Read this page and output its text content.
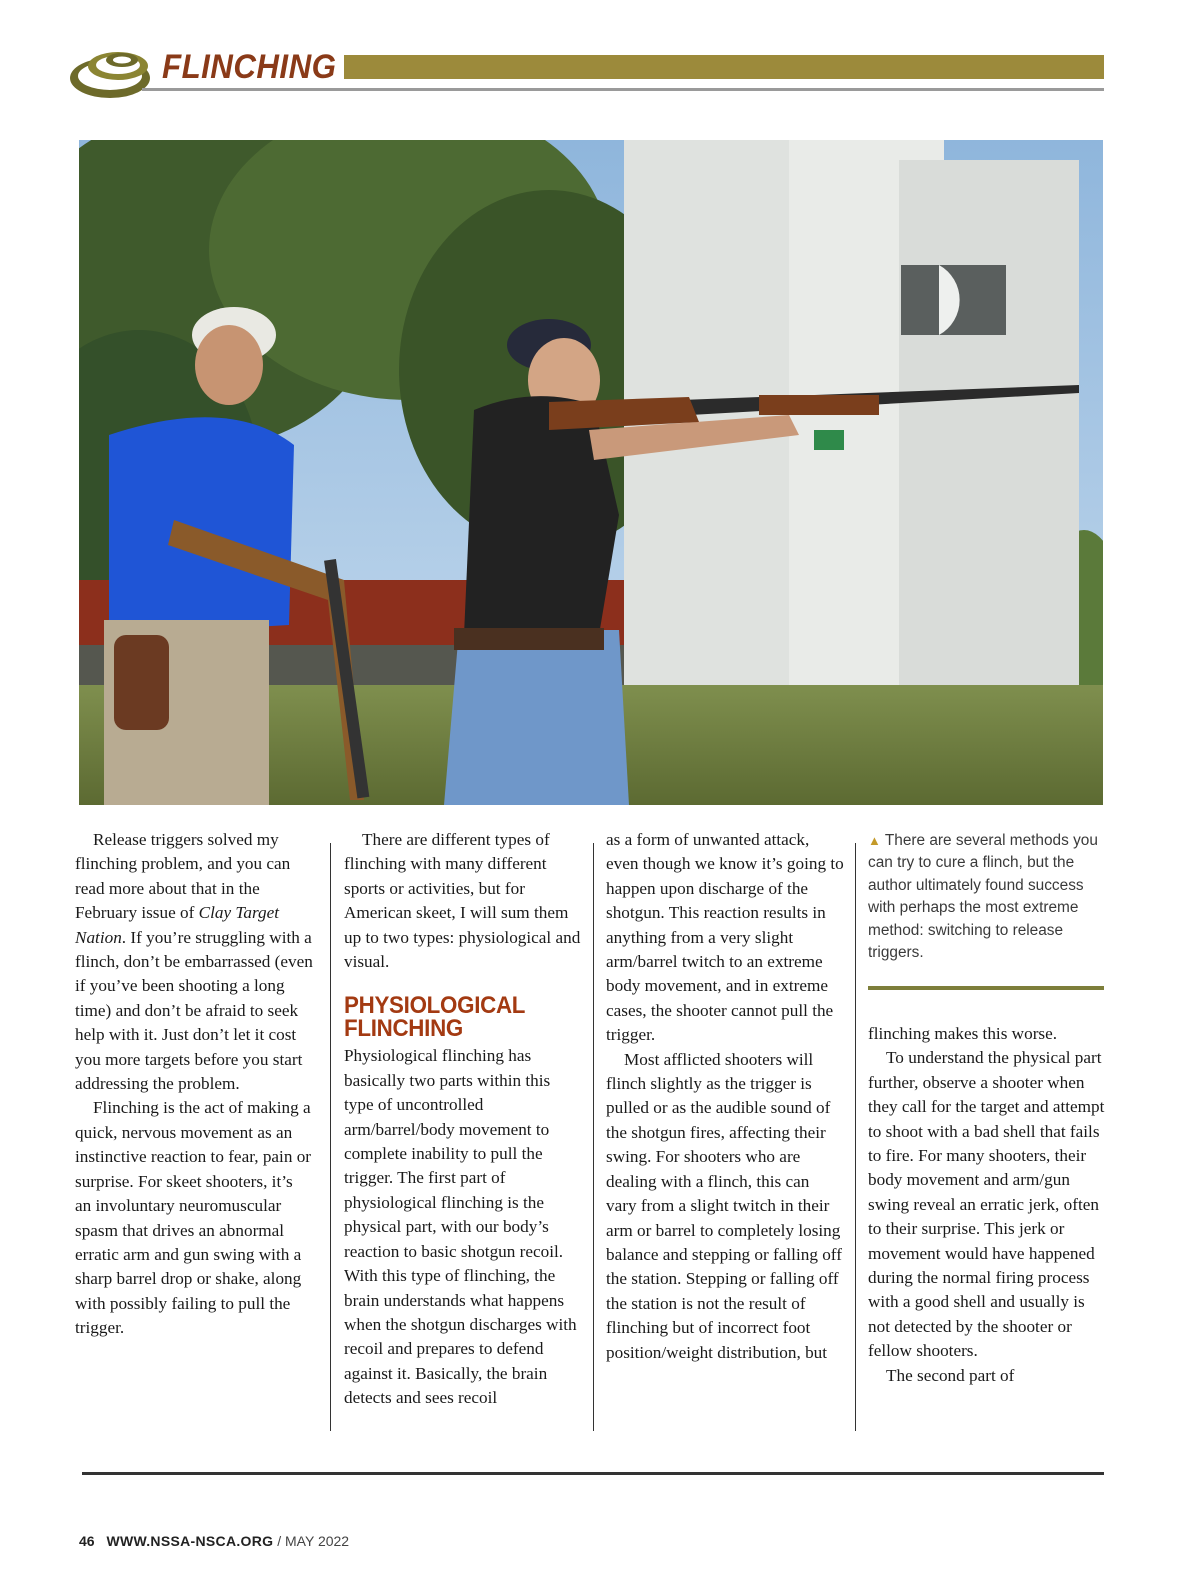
FLINCHING

Release triggers solved my flinching problem, and you can read more about that in the February issue of Clay Target Nation. If you’re struggling with a flinch, don’t be embarrassed (even if you’ve been shooting a long time) and don’t be afraid to seek help with it. Just don’t let it cost you more targets before you start addressing the problem.

Flinching is the act of making a quick, nervous movement as an instinctive reaction to fear, pain or surprise. For skeet shooters, it’s an involuntary neuromuscular spasm that drives an abnormal erratic arm and gun swing with a sharp barrel drop or shake, along with possibly failing to pull the trigger.

There are different types of flinching with many different sports or activities, but for American skeet, I will sum them up to two types: physiological and visual.

PHYSIOLOGICAL FLINCHING

Physiological flinching has basically two parts within this type of uncontrolled arm/barrel/body movement to complete inability to pull the trigger. The first part of physiological flinching is the physical part, with our body’s reaction to basic shotgun recoil. With this type of flinching, the brain understands what happens when the shotgun discharges with recoil and prepares to defend against it. Basically, the brain detects and sees recoil

as a form of unwanted attack, even though we know it’s going to happen upon discharge of the shotgun. This reaction results in anything from a very slight arm/barrel twitch to an extreme body movement, and in extreme cases, the shooter cannot pull the trigger.

Most afflicted shooters will flinch slightly as the trigger is pulled or as the audible sound of the shotgun fires, affecting their swing. For shooters who are dealing with a flinch, this can vary from a slight twitch in their arm or barrel to completely losing balance and stepping or falling off the station. Stepping or falling off the station is not the result of flinching but of incorrect foot position/weight distribution, but

▲ There are several methods you can try to cure a flinch, but the author ultimately found success with perhaps the most extreme method: switching to release triggers.

flinching makes this worse.

To understand the physical part further, observe a shooter when they call for the target and attempt to shoot with a bad shell that fails to fire. For many shooters, their body movement and arm/gun swing reveal an erratic jerk, often to their surprise. This jerk or movement would have happened during the normal firing process with a good shell and usually is not detected by the shooter or fellow shooters.

The second part of

46 WWW.NSSA-NSCA.ORG / MAY 2022
